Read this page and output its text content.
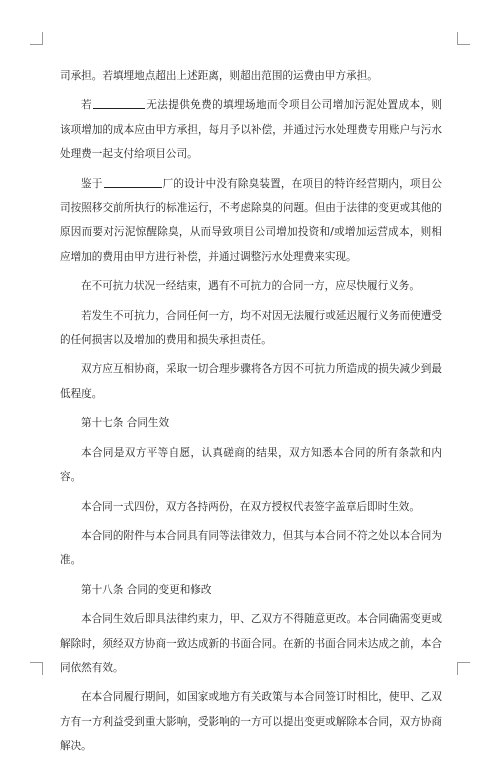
司承担。若填埋地点超出上述距离，则超出范围的运费由甲方承担。

若	无法提供免费的填埋场地而令项目公司增加污泥处置成本，则该项增加的成本应由甲方承担，每月予以补偿，并通过污水处理费专用账户与污水处理费一起支付给项目公司。

鉴于	厂的设计中没有除臭装置，在项目的特许经营期内，项目公司按照移交前所执行的标准运行，不考虑除臭的问题。但由于法律的变更或其他的原因而要对污泥惊醒除臭，从而导致项目公司增加投资和/或增加运营成本，则相应增加的费用由甲方进行补偿，并通过调整污水处理费来实现。

在不可抗力状况一经结束，遇有不可抗力的合同一方，应尽快履行义务。

若发生不可抗力，合同任何一方，均不对因无法履行或延迟履行义务而使遭受的任何损害以及增加的费用和损失承担责任。

双方应互相协商，采取一切合理步骤将各方因不可抗力所造成的损失减少到最低程度。

第十七条 合同生效

本合同是双方平等自愿，认真磋商的结果，双方知悉本合同的所有条款和内容。

本合同一式四份，双方各持两份，在双方授权代表签字盖章后即时生效。

本合同的附件与本合同具有同等法律效力，但其与本合同不符之处以本合同为准。

第十八条 合同的变更和修改

本合同生效后即具法律约束力，甲、乙双方不得随意更改。本合同确需变更或解除时，须经双方协商一致达成新的书面合同。在新的书面合同未达成之前，本合同依然有效。

在本合同履行期间，如国家或地方有关政策与本合同签订时相比，使甲、乙双方有一方利益受到重大影响，受影响的一方可以提出变更或解除本合同，双方协商解决。
